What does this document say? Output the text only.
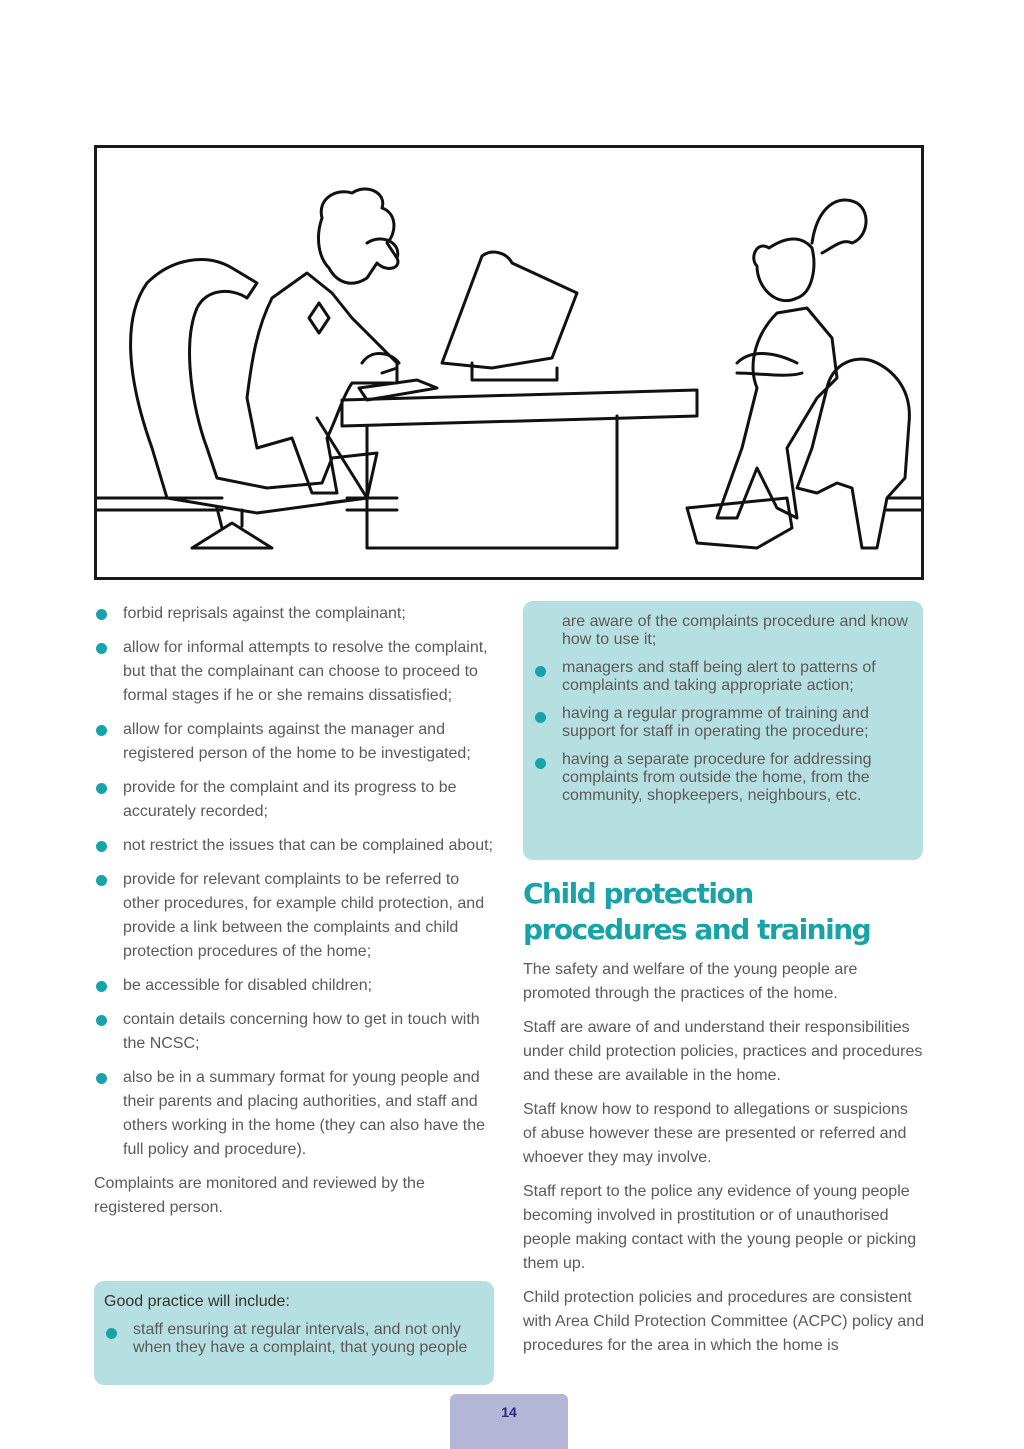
forbid reprisals against the complainant;
allow for informal attempts to resolve the complaint, but that the complainant can choose to proceed to formal stages if he or she remains dissatisfied;
allow for complaints against the manager and registered person of the home to be investigated;
provide for the complaint and its progress to be accurately recorded;
not restrict the issues that can be complained about;
provide for relevant complaints to be referred to other procedures, for example child protection, and provide a link between the complaints and child protection procedures of the home;
be accessible for disabled children;
contain details concerning how to get in touch with the NCSC;
also be in a summary format for young people and their parents and placing authorities, and staff and others working in the home (they can also have the full policy and procedure).

Complaints are monitored and reviewed by the registered person.

Good practice will include:
staff ensuring at regular intervals, and not only when they have a complaint, that young people
are aware of the complaints procedure and know how to use it;
managers and staff being alert to patterns of complaints and taking appropriate action;
having a regular programme of training and support for staff in operating the procedure;
having a separate procedure for addressing complaints from outside the home, from the community, shopkeepers, neighbours, etc.
Child protection procedures and training

The safety and welfare of the young people are promoted through the practices of the home.

Staff are aware of and understand their responsibilities under child protection policies, practices and procedures and these are available in the home.

Staff know how to respond to allegations or suspicions of abuse however these are presented or referred and whoever they may involve.

Staff report to the police any evidence of young people becoming involved in prostitution or of unauthorised people making contact with the young people or picking them up.

Child protection policies and procedures are consistent with Area Child Protection Committee (ACPC) policy and procedures for the area in which the home is

14
